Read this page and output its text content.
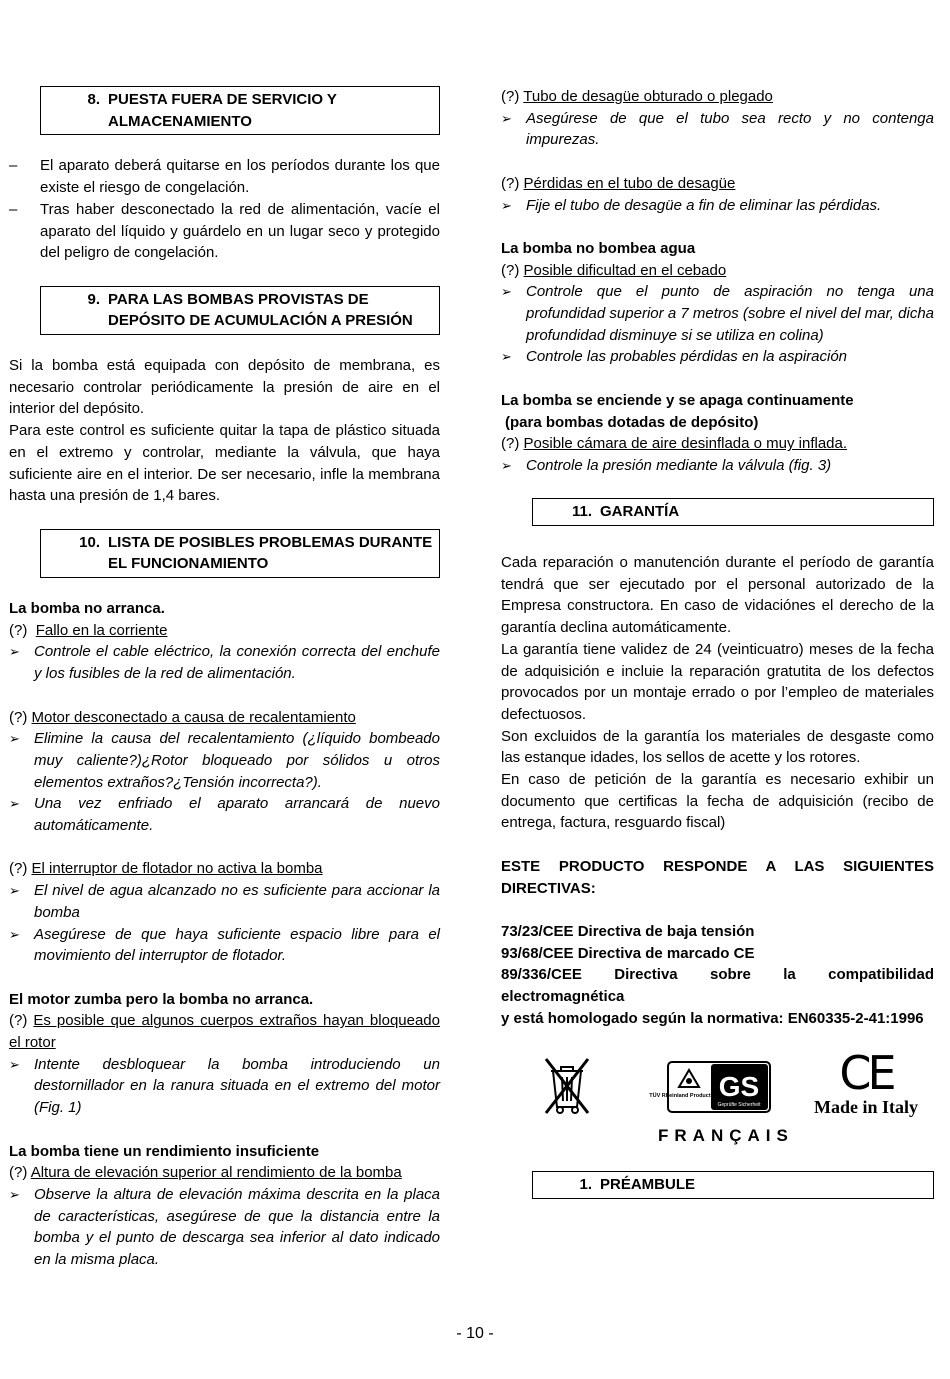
8. PUESTA FUERA DE SERVICIO Y ALMACENAMIENTO

– El aparato deberá quitarse en los períodos durante los que existe el riesgo de congelación.

– Tras haber desconectado la red de alimentación, vacíe el aparato del líquido y guárdelo en un lugar seco y protegido del peligro de congelación.

9. PARA LAS BOMBAS PROVISTAS DE DEPÓSITO DE ACUMULACIÓN A PRESIÓN

Si la bomba está equipada con depósito de membrana, es necesario controlar periódicamente la presión de aire en el interior del depósito.

Para este control es suficiente quitar la tapa de plástico situada en el extremo y controlar, mediante la válvula, que haya suficiente aire en el interior. De ser necesario, infle la membrana hasta una presión de 1,4 bares.

10. LISTA DE POSIBLES PROBLEMAS DURANTE EL FUNCIONAMIENTO

La bomba no arranca.

(?) Fallo en la corriente

➢ Controle el cable eléctrico, la conexión correcta del enchufe y los fusibles de la red de alimentación.

(?) Motor desconectado a causa de recalentamiento

➢ Elimine la causa del recalentamiento (¿líquido bombeado muy caliente?)¿Rotor bloqueado por sólidos u otros elementos extraños?¿Tensión incorrecta?).

➢ Una vez enfriado el aparato arrancará de nuevo automáticamente.

(?) El interruptor de flotador no activa la bomba

➢ El nivel de agua alcanzado no es suficiente para accionar la bomba

➢ Asegúrese de que haya suficiente espacio libre para el movimiento del interruptor de flotador.

El motor zumba pero la bomba no arranca.

(?) Es posible que algunos cuerpos extraños hayan bloqueado el rotor

➢ Intente desbloquear la bomba introduciendo un destornillador en la ranura situada en el extremo del motor (Fig. 1)

La bomba tiene un rendimiento insuficiente

(?) Altura de elevación superior al rendimiento de la bomba

➢ Observe la altura de elevación máxima descrita en la placa de características, asegúrese de que la distancia entre la bomba y el punto de descarga sea inferior al dato indicado en la misma placa.

(?) Tubo de desagüe obturado o plegado

➢ Asegúrese de que el tubo sea recto y no contenga impurezas.

(?) Pérdidas en el tubo de desagüe

➢ Fije el tubo de desagüe a fin de eliminar las pérdidas.

La bomba no bombea agua

(?) Posible dificultad en el cebado

➢ Controle que el punto de aspiración no tenga una profundidad superior a 7 metros (sobre el nivel del mar, dicha profundidad disminuye si se utiliza en colina)

➢ Controle las probables pérdidas en la aspiración

La bomba se enciende y se apaga continuamente

(para bombas dotadas de depósito)

(?) Posible cámara de aire desinflada o muy inflada.

➢ Controle la presión mediante la válvula (fig. 3)

11. GARANTÍA

Cada reparación o manutención durante el período de garantía tendrá que ser ejecutado por el personal autorizado de la Empresa constructora. En caso de vidaciónes el derecho de la garantía declina automáticamente.

La garantía tiene validez de 24 (veinticuatro) meses de la fecha de adquisición e incluie la reparación gratutita de los defectos provocados por un montaje errado o por l’empleo de materiales defectuosos.

Son excluidos de la garantía los materiales de desgaste como las estanque idades, los sellos de acette y los rotores.

En caso de petición de la garantía es necesario exhibir un documento que certificas la fecha de adquisición (recibo de entrega, factura, resguardo fiscal)

ESTE PRODUCTO RESPONDE A LAS SIGUIENTES DIRECTIVAS:

73/23/CEE Directiva de baja tensión

93/68/CEE Directiva de marcado CE

89/336/CEE Directiva sobre la compatibilidad electromagnética

y está homologado según la normativa: EN60335-2-41:1996

TÜV Rheinland Product Safety
GS
Geprüfte Sicherheit
CE
Made in Italy
FRANÇAIS
1. PRÉAMBULE
- 10 -
